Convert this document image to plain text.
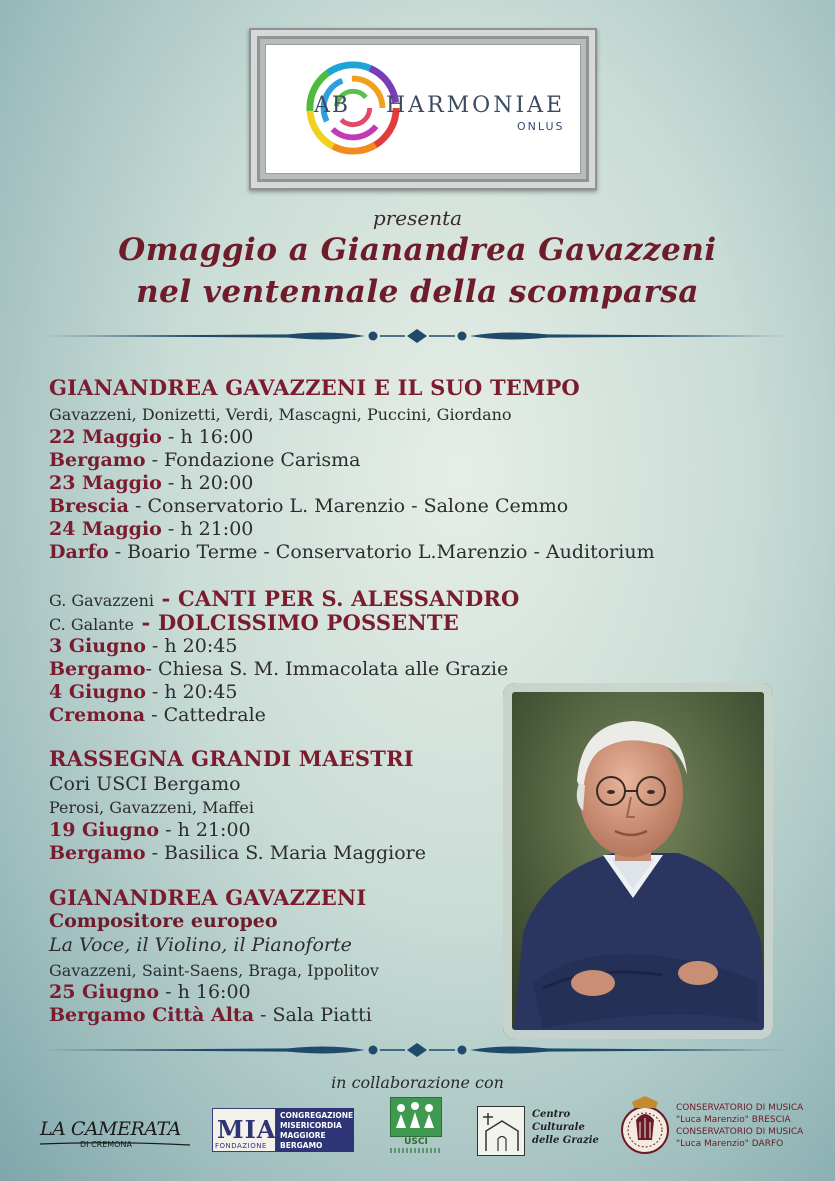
AB HARMONIAE
ONLUS
presenta
Omaggio a Gianandrea Gavazzeni
nel ventennale della scomparsa
GIANANDREA GAVAZZENI E IL SUO TEMPO
Gavazzeni, Donizetti, Verdi, Mascagni, Puccini, Giordano
22 Maggio - h 16:00
Bergamo - Fondazione Carisma
23 Maggio - h 20:00
Brescia - Conservatorio L. Marenzio - Salone Cemmo
24 Maggio - h 21:00
Darfo - Boario Terme - Conservatorio L.Marenzio - Auditorium
G. Gavazzeni - CANTI PER S. ALESSANDRO
C. Galante - DOLCISSIMO POSSENTE
3 Giugno - h 20:45
Bergamo- Chiesa S. M. Immacolata alle Grazie
4 Giugno - h 20:45
Cremona - Cattedrale
RASSEGNA GRANDI MAESTRI
Cori USCI Bergamo
Perosi, Gavazzeni, Maffei
19 Giugno - h 21:00
Bergamo - Basilica S. Maria Maggiore
GIANANDREA GAVAZZENI
Compositore europeo
La Voce, il Violino, il Pianoforte
Gavazzeni, Saint-Saens, Braga, Ippolitov
25 Giugno - h 16:00
Bergamo Città Alta - Sala Piatti
in collaborazione con
LA CAMERATA
DI CREMONA
MIA
FONDAZIONE
CONGREGAZIONE
MISERICORDIA
MAGGIORE
BERGAMO	USCI
Centro
Culturale
delle Grazie
CONSERVATORIO DI MUSICA
"Luca Marenzio" BRESCIA
CONSERVATORIO DI MUSICA
"Luca Marenzio" DARFO
